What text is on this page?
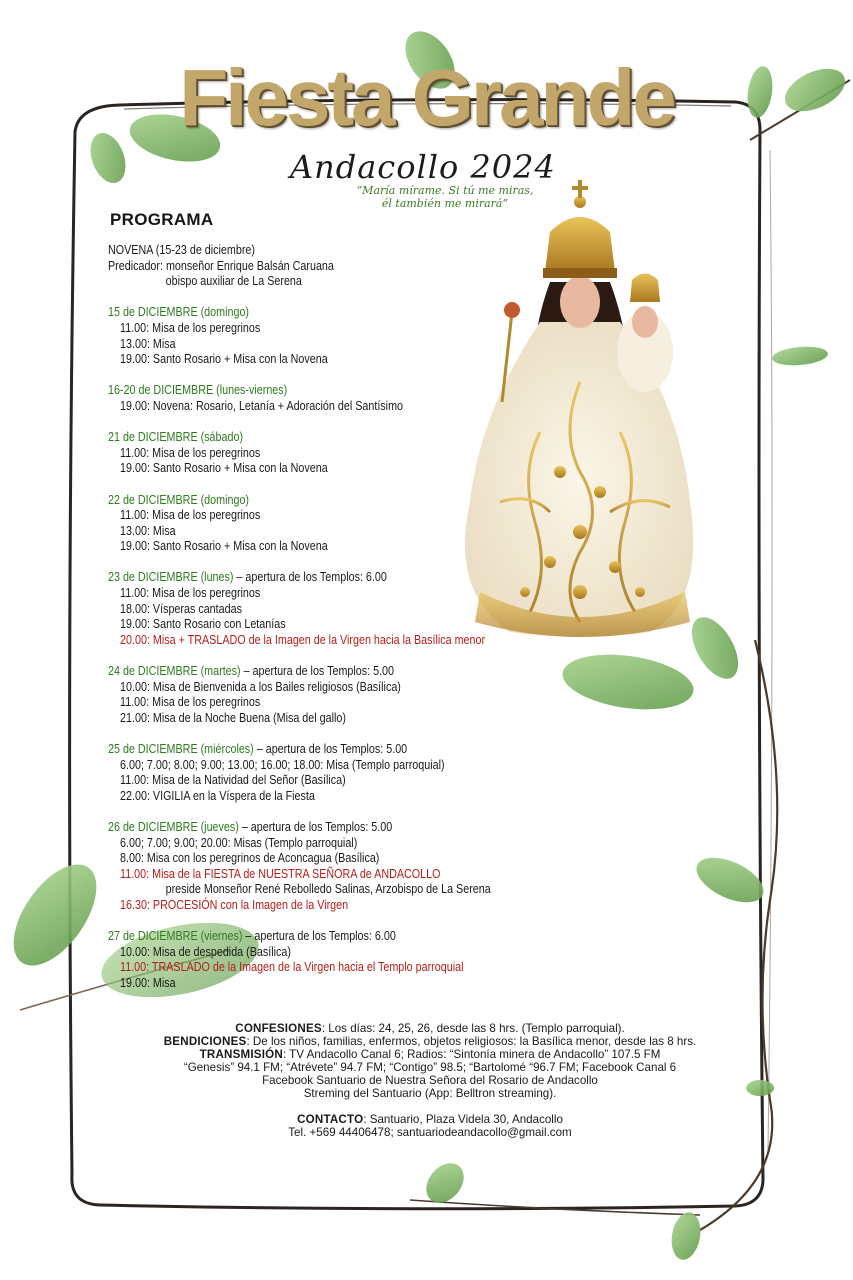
Fiesta Grande
Andacollo 2024
“María mírame. Si tú me miras,
él también me mirará”
PROGRAMA
NOVENA (15-23 de diciembre)
Predicador: monseñor Enrique Balsán Caruana
obispo auxiliar de La Serena
15 de DICIEMBRE (domingo)
11.00: Misa de los peregrinos
13.00: Misa
19.00: Santo Rosario + Misa con la Novena
16-20 de DICIEMBRE (lunes-viernes)
19.00: Novena: Rosario, Letanía + Adoración del Santísimo
21 de DICIEMBRE (sábado)
11.00: Misa de los peregrinos
19.00: Santo Rosario + Misa con la Novena
22 de DICIEMBRE (domingo)
11.00: Misa de los peregrinos
13.00: Misa
19.00: Santo Rosario + Misa con la Novena
23 de DICIEMBRE (lunes) – apertura de los Templos: 6.00
11.00: Misa de los peregrinos
18.00: Vísperas cantadas
19.00: Santo Rosario con Letanías
20.00: Misa + TRASLADO de la Imagen de la Virgen hacia la Basílica menor
24 de DICIEMBRE (martes) – apertura de los Templos: 5.00
10.00: Misa de Bienvenida a los Bailes religiosos (Basílica)
11.00: Misa de los peregrinos
21.00: Misa de la Noche Buena (Misa del gallo)
25 de DICIEMBRE (miércoles) – apertura de los Templos: 5.00
6.00; 7.00; 8.00; 9.00; 13.00; 16.00; 18.00: Misa (Templo parroquial)
11.00: Misa de la Natividad del Señor (Basílica)
22.00: VIGILIA en la Víspera de la Fiesta
26 de DICIEMBRE (jueves) – apertura de los Templos: 5.00
6.00; 7.00; 9.00; 20.00: Misas (Templo parroquial)
8.00: Misa con los peregrinos de Aconcagua (Basílica)
11.00: Misa de la FIESTA de NUESTRA SEÑORA de ANDACOLLO
preside Monseñor René Rebolledo Salinas, Arzobispo de La Serena
16.30: PROCESIÓN con la Imagen de la Virgen
27 de DICIEMBRE (viernes) – apertura de los Templos: 6.00
10.00: Misa de despedida (Basílica)
11.00: TRASLADO de la Imagen de la Virgen hacia el Templo parroquial
19.00: Misa
CONFESIONES: Los días: 24, 25, 26, desde las 8 hrs. (Templo parroquial).
BENDICIONES: De los niños, familias, enfermos, objetos religiosos: la Basílica menor, desde las 8 hrs.
TRANSMISIÓN: TV Andacollo Canal 6; Radios: “Sintonía minera de Andacollo” 107.5 FM
“Genesis” 94.1 FM; “Atrévete” 94.7 FM; “Contigo” 98.5; “Bartolomé “96.7 FM; Facebook Canal 6
Facebook Santuario de Nuestra Señora del Rosario de Andacollo
Streming del Santuario (App: Belltron streaming).
CONTACTO: Santuario, Plaza Videla 30, Andacollo
Tel. +569 44406478; santuariodeandacollo@gmail.com
